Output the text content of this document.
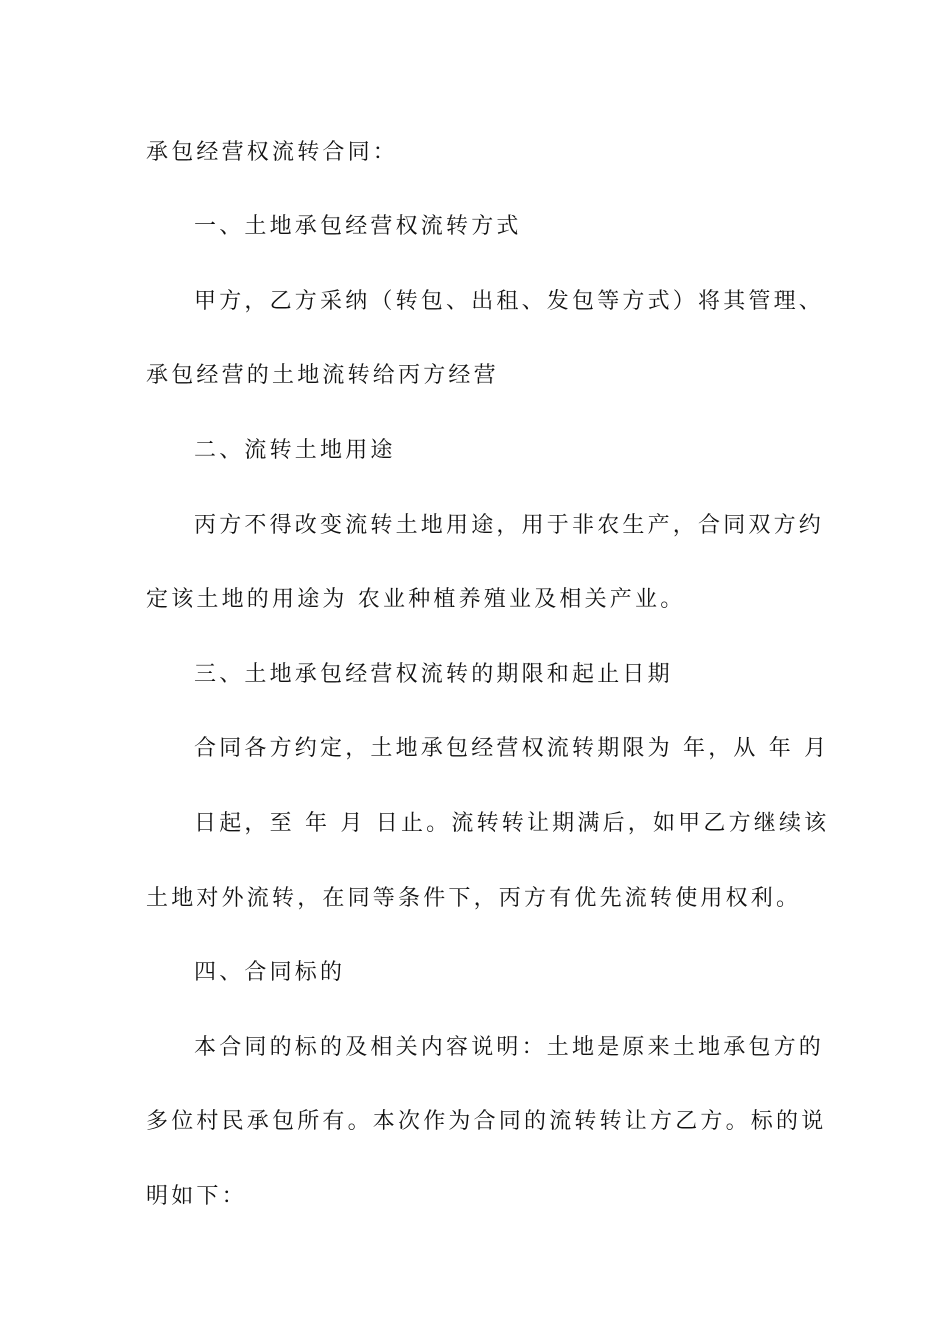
承包经营权流转合同：
一、土地承包经营权流转方式
甲方，乙方采纳（转包、出租、发包等方式）将其管理、
承包经营的土地流转给丙方经营
二、流转土地用途
丙方不得改变流转土地用途，用于非农生产，合同双方约
定该土地的用途为 农业种植养殖业及相关产业。
三、土地承包经营权流转的期限和起止日期
合同各方约定，土地承包经营权流转期限为 年，从 年 月
日起，至 年 月 日止。流转转让期满后，如甲乙方继续该
土地对外流转，在同等条件下，丙方有优先流转使用权利。
四、合同标的
本合同的标的及相关内容说明：土地是原来土地承包方的
多位村民承包所有。本次作为合同的流转转让方乙方。标的说
明如下：
